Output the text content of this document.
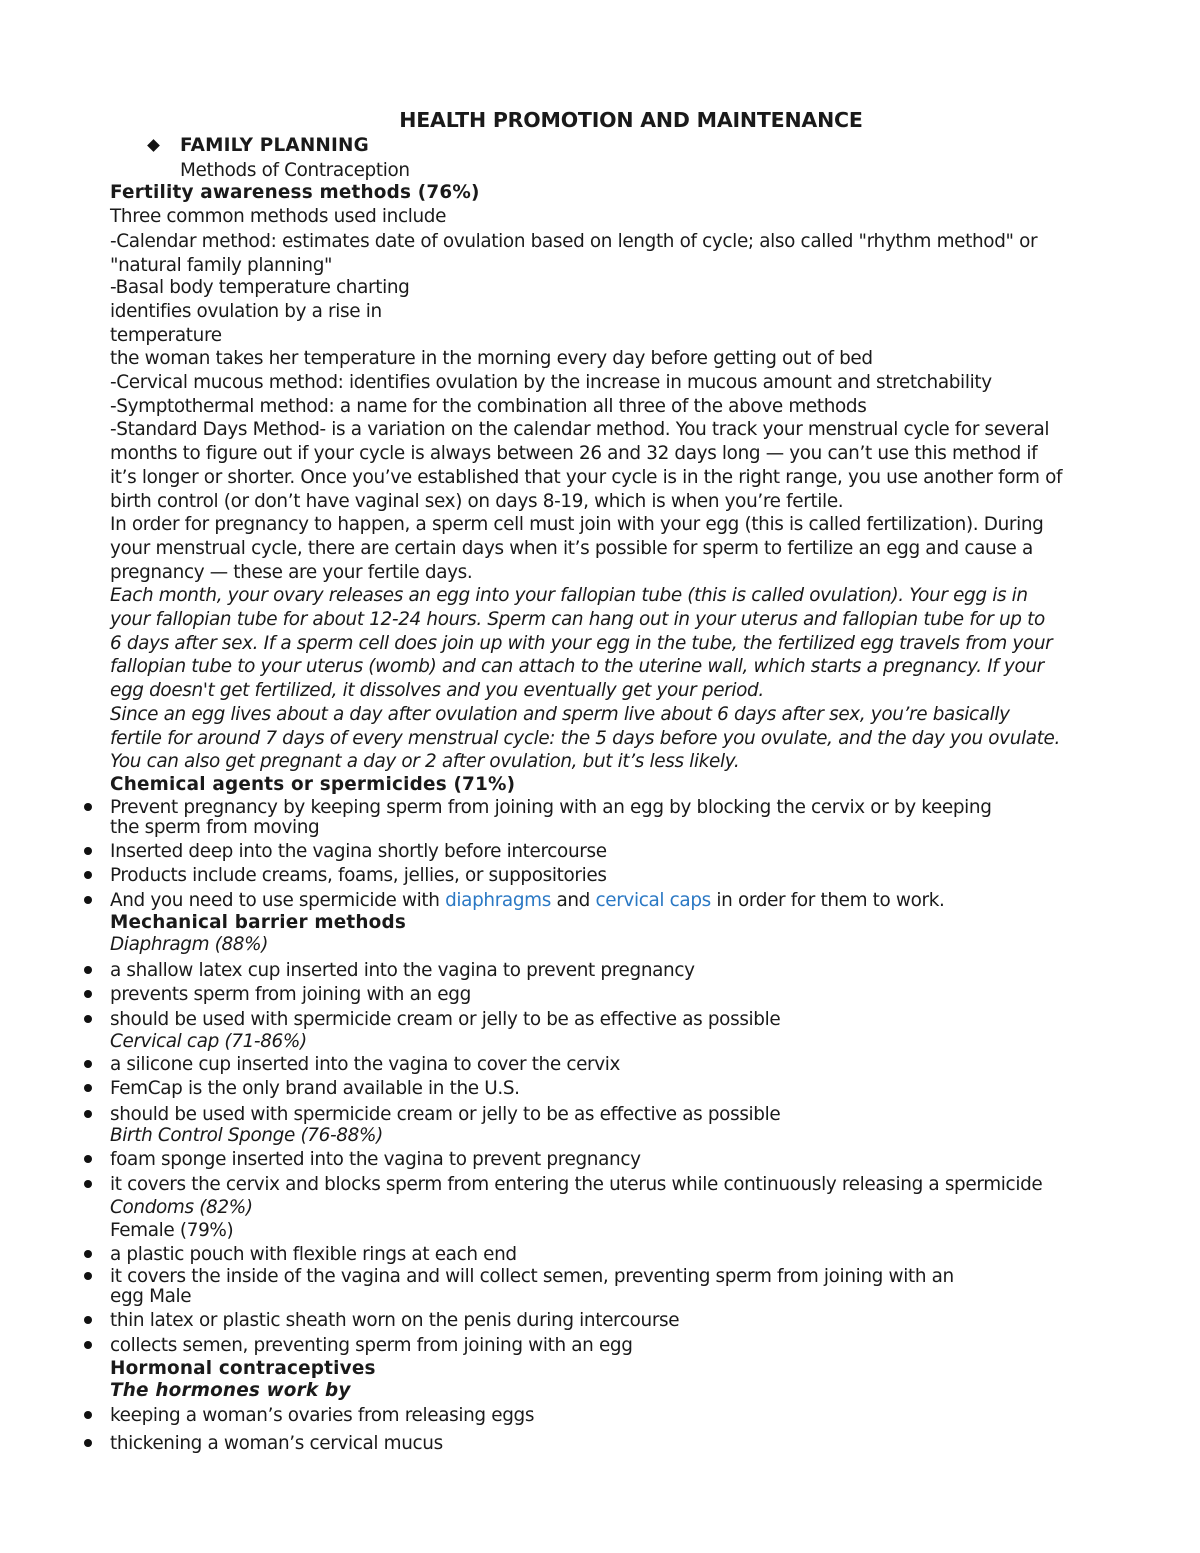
HEALTH PROMOTION AND MAINTENANCE
FAMILY PLANNING
Methods of Contraception
Fertility awareness methods (76%)
Three common methods used include
-Calendar method: estimates date of ovulation based on length of cycle; also called "rhythm method" or
"natural family planning"
-Basal body temperature charting
identifies ovulation by a rise in
temperature
the woman takes her temperature in the morning every day before getting out of bed
-Cervical mucous method: identifies ovulation by the increase in mucous amount and stretchability
-Symptothermal method: a name for the combination all three of the above methods
-Standard Days Method- is a variation on the calendar method. You track your menstrual cycle for several
months to figure out if your cycle is always between 26 and 32 days long — you can’t use this method if
it’s longer or shorter. Once you’ve established that your cycle is in the right range, you use another form of
birth control (or don’t have vaginal sex) on days 8-19, which is when you’re fertile.
In order for pregnancy to happen, a sperm cell must join with your egg (this is called fertilization). During
your menstrual cycle, there are certain days when it’s possible for sperm to fertilize an egg and cause a
pregnancy — these are your fertile days.
Each month, your ovary releases an egg into your fallopian tube (this is called ovulation). Your egg is in
your fallopian tube for about 12-24 hours. Sperm can hang out in your uterus and fallopian tube for up to
6 days after sex. If a sperm cell does join up with your egg in the tube, the fertilized egg travels from your
fallopian tube to your uterus (womb) and can attach to the uterine wall, which starts a pregnancy. If your
egg doesn't get fertilized, it dissolves and you eventually get your period.
Since an egg lives about a day after ovulation and sperm live about 6 days after sex, you’re basically
fertile for around 7 days of every menstrual cycle: the 5 days before you ovulate, and the day you ovulate.
You can also get pregnant a day or 2 after ovulation, but it’s less likely.
Chemical agents or spermicides (71%)
Prevent pregnancy by keeping sperm from joining with an egg by blocking the cervix or by keeping
the sperm from moving
Inserted deep into the vagina shortly before intercourse
Products include creams, foams, jellies, or suppositories
And you need to use spermicide with diaphragms and cervical caps in order for them to work.
Mechanical barrier methods
Diaphragm (88%)
a shallow latex cup inserted into the vagina to prevent pregnancy
prevents sperm from joining with an egg
should be used with spermicide cream or jelly to be as effective as possible
Cervical cap (71-86%)
a silicone cup inserted into the vagina to cover the cervix
FemCap is the only brand available in the U.S.
should be used with spermicide cream or jelly to be as effective as possible
Birth Control Sponge (76-88%)
foam sponge inserted into the vagina to prevent pregnancy
it covers the cervix and blocks sperm from entering the uterus while continuously releasing a spermicide
Condoms (82%)
Female (79%)
a plastic pouch with flexible rings at each end
it covers the inside of the vagina and will collect semen, preventing sperm from joining with an
egg Male
thin latex or plastic sheath worn on the penis during intercourse
collects semen, preventing sperm from joining with an egg
Hormonal contraceptives
The hormones work by
keeping a woman’s ovaries from releasing eggs
thickening a woman’s cervical mucus
